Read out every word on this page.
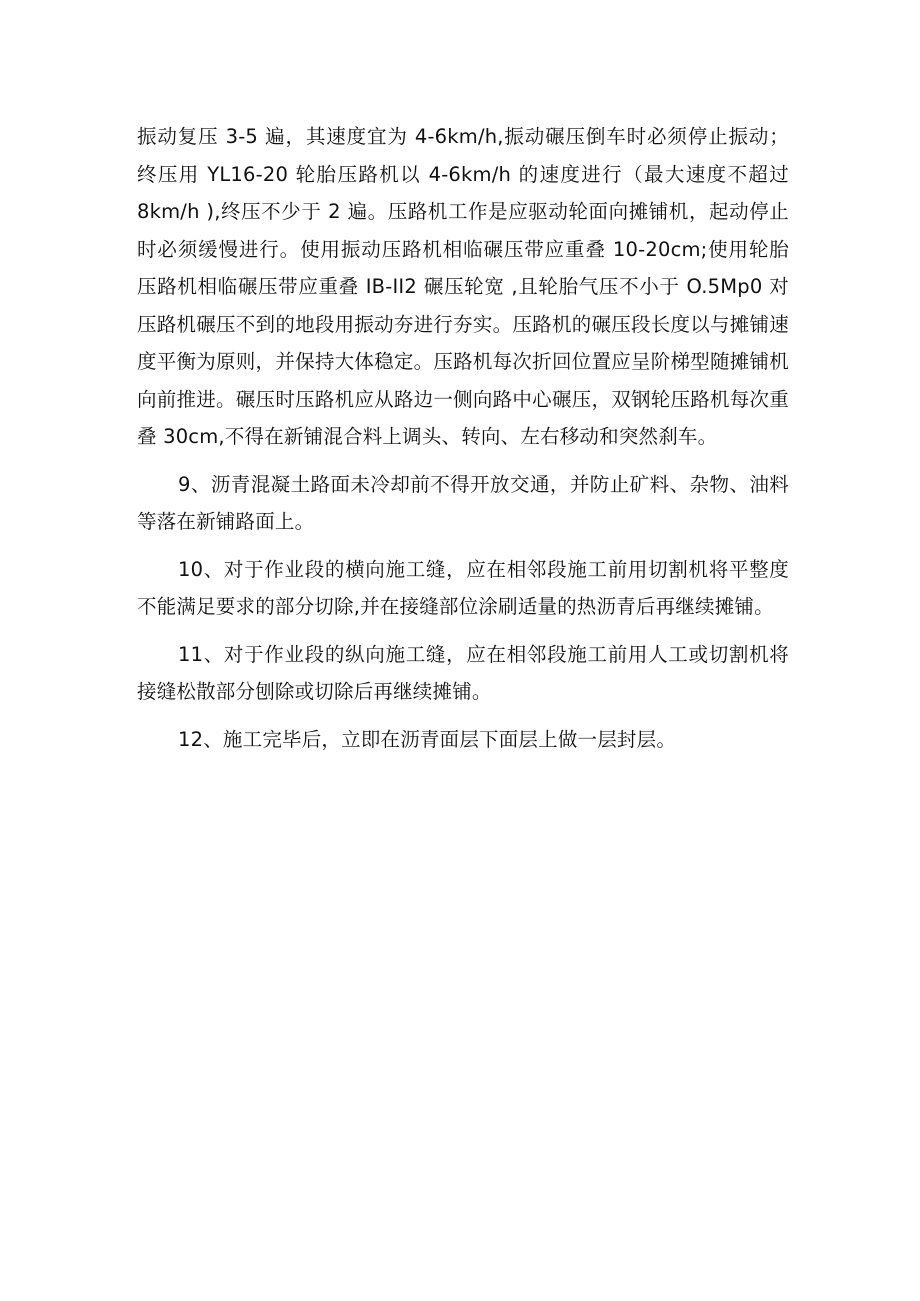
振动复压 3-5 遍，其速度宜为 4-6km/h,振动碾压倒车时必须停止振动；终压用 YL16-20 轮胎压路机以 4-6km/h 的速度进行（最大速度不超过 8km/h ),终压不少于 2 遍。压路机工作是应驱动轮面向摊铺机，起动停止时必须缓慢进行。使用振动压路机相临碾压带应重叠 10-20cm;使用轮胎压路机相临碾压带应重叠 IB-II2 碾压轮宽 ,且轮胎气压不小于 O.5Mp0 对压路机碾压不到的地段用振动夯进行夯实。压路机的碾压段长度以与摊铺速度平衡为原则，并保持大体稳定。压路机每次折回位置应呈阶梯型随摊铺机向前推进。碾压时压路机应从路边一侧向路中心碾压，双钢轮压路机每次重叠 30cm,不得在新铺混合料上调头、转向、左右移动和突然刹车。

9、沥青混凝土路面未冷却前不得开放交通，并防止矿料、杂物、油料等落在新铺路面上。

10、对于作业段的横向施工缝，应在相邻段施工前用切割机将平整度不能满足要求的部分切除,并在接缝部位涂刷适量的热沥青后再继续摊铺。

11、对于作业段的纵向施工缝，应在相邻段施工前用人工或切割机将接缝松散部分刨除或切除后再继续摊铺。

12、施工完毕后，立即在沥青面层下面层上做一层封层。
